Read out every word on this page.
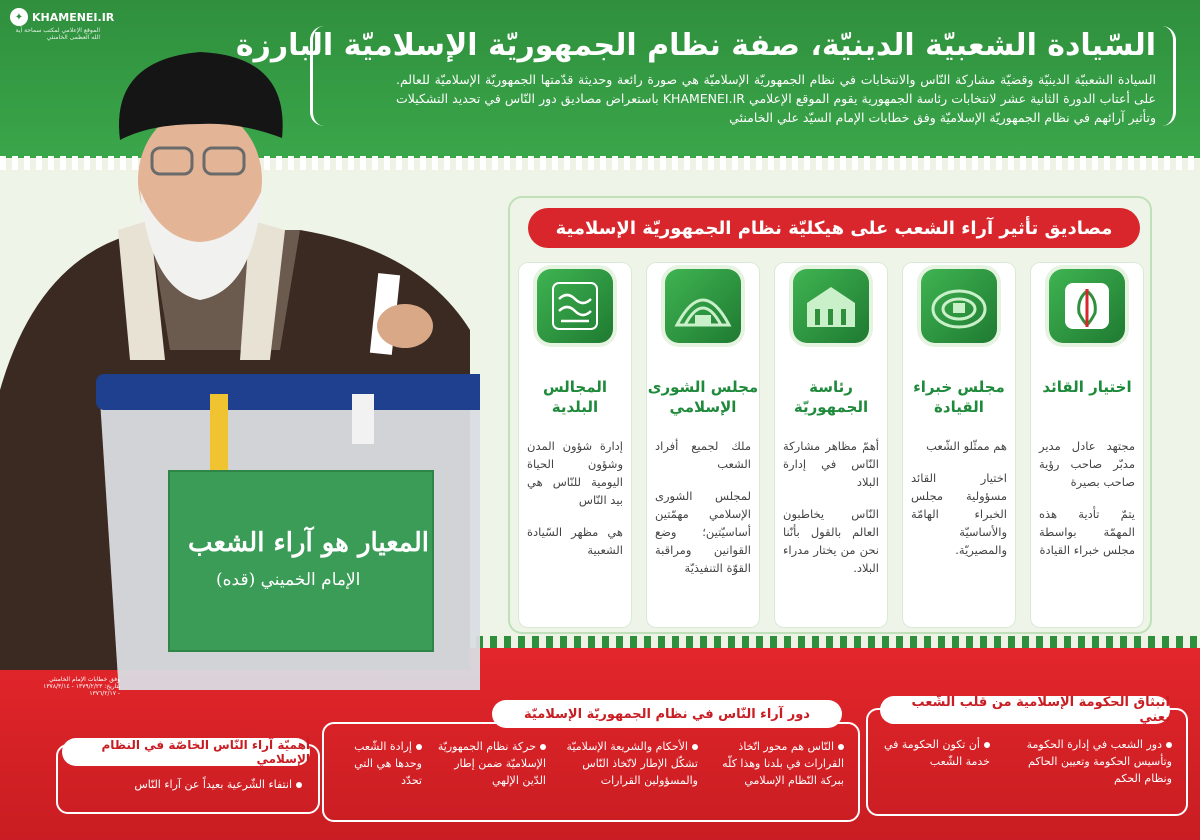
✦ KHAMENEI.IR
الموقع الإعلامي لمكتب سماحة آية الله العظمى الخامنئي
المعيار هو آراء الشعب
الإمام الخميني (قده)
وفق خطابات الإمام الخامنئي بتاريخ: ١٣٧٩/٢/٢٣ - ١٣٧٨/٣/١٤ - ١٣٧٦/٢/١٧
السّيادة الشعبيّة الدينيّة، صفة نظام الجمهوريّة الإسلاميّة البارزة
السيادة الشعبيّة الدينيّة وقضيّة مشاركة النّاس والانتخابات في نظام الجمهوريّة الإسلاميّة هي صورة رائعة وحديثة قدّمتها الجمهوريّة الإسلاميّة للعالم. على أعتاب الدورة الثانية عشر لانتخابات رئاسة الجمهورية يقوم الموقع الإعلامي KHAMENEI.IR باستعراض مصاديق دور النّاس في تحديد التشكيلات وتأثير آرائهم في نظام الجمهوريّة الإسلاميّة وفق خطابات الإمام السيّد علي الخامنئي
مصاديق تأثير آراء الشعب على هيكليّة نظام الجمهوريّة الإسلامية
اختيار القائد

مجتهد عادل مدير مدبّر صاحب رؤية صاحب بصيرة

يتمّ تأدية هذه المهمّة بواسطة مجلس خبراء القيادة

مجلس خبراء القيادة

هم ممثّلو الشّعب

اختيار القائد مسؤولية مجلس الخبراء الهامّة والأساسيّة والمصيريّة.

رئاسة الجمهوريّة

أهمّ مظاهر مشاركة النّاس في إدارة البلاد

النّاس يخاطبون العالم بالقول بأنّنا نحن من يختار مدراء البلاد.

مجلس الشورى الإسلامي

ملك لجميع أفراد الشعب

لمجلس الشورى الإسلامي مهمّتين أساسيّتين؛ وضع القوانين ومراقبة القوّة التنفيذيّة

المجالس البلدية

إدارة شؤون المدن وشؤون الحياة اليومية للنّاس هي بيد النّاس

هي مظهر السّيادة الشعبية

انبثاق الحكومة الإسلامية من قلب الشّعب يعني
دور الشعب في إدارة الحكومة وتأسيس الحكومة وتعيين الحاكم ونظام الحكم
أن تكون الحكومة في خدمة الشّعب
دور آراء النّاس في نظام الجمهوريّة الإسلاميّة
النّاس هم محور اتّخاذ القرارات في بلدنا وهذا كلّه ببركة النّظام الإسلامي
الأحكام والشريعة الإسلاميّة تشكّل الإطار لاتّخاذ النّاس والمسؤولين القرارات
حركة نظام الجمهوريّة الإسلاميّة ضمن إطار الدّين الإلهي
إرادة الشّعب وحدها هي التي تحدّد
أهميّة آراء النّاس الخاصّة في النظام الإسلامي
انتفاء الشّرعية بعيداً عن آراء النّاس
